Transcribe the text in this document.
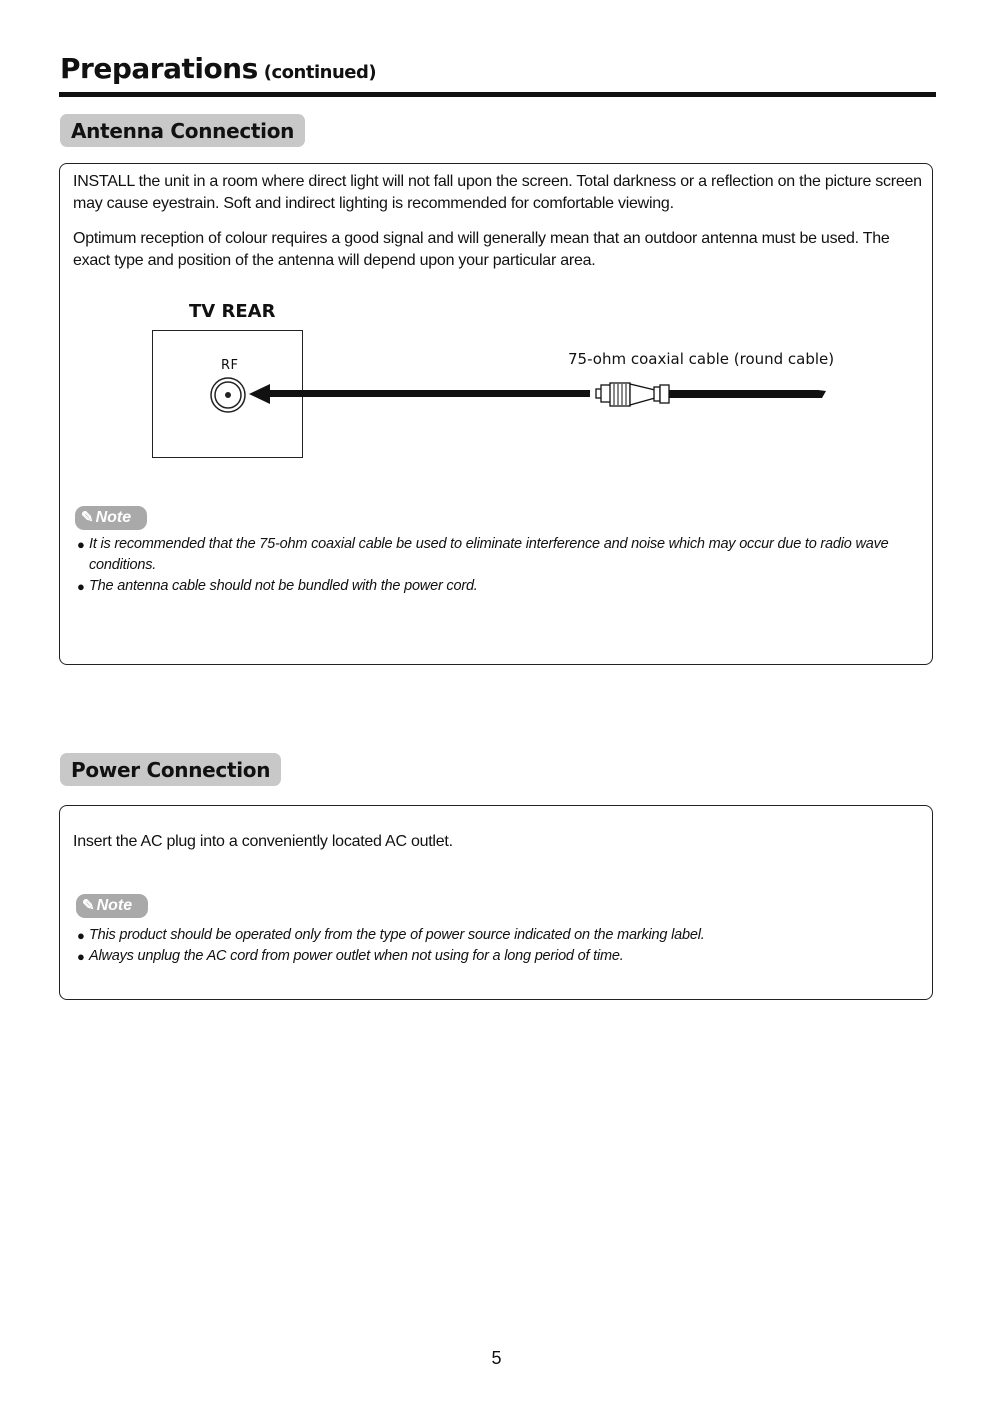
Preparations (continued)
Antenna Connection
INSTALL the unit in a room where direct light will not fall upon the screen. Total darkness or a reflection on the picture screen may cause eyestrain. Soft and indirect lighting is recommended for comfortable viewing.
Optimum reception of colour requires a good signal and will generally mean that an outdoor antenna must be used. The exact type and position of the antenna will depend upon your particular area.
TV REAR
RF	75-ohm coaxial cable (round cable)
✎ Note
● It is recommended that the 75-ohm coaxial cable be used to eliminate interference and noise which may occur due to radio wave conditions.
● The antenna cable should not be bundled with the power cord.
Power Connection
Insert the AC plug into a conveniently located AC outlet.
✎ Note
● This product should be operated only from the type of power source indicated on the marking label.
● Always unplug the AC cord from power outlet when not using for a long period of time.
5
